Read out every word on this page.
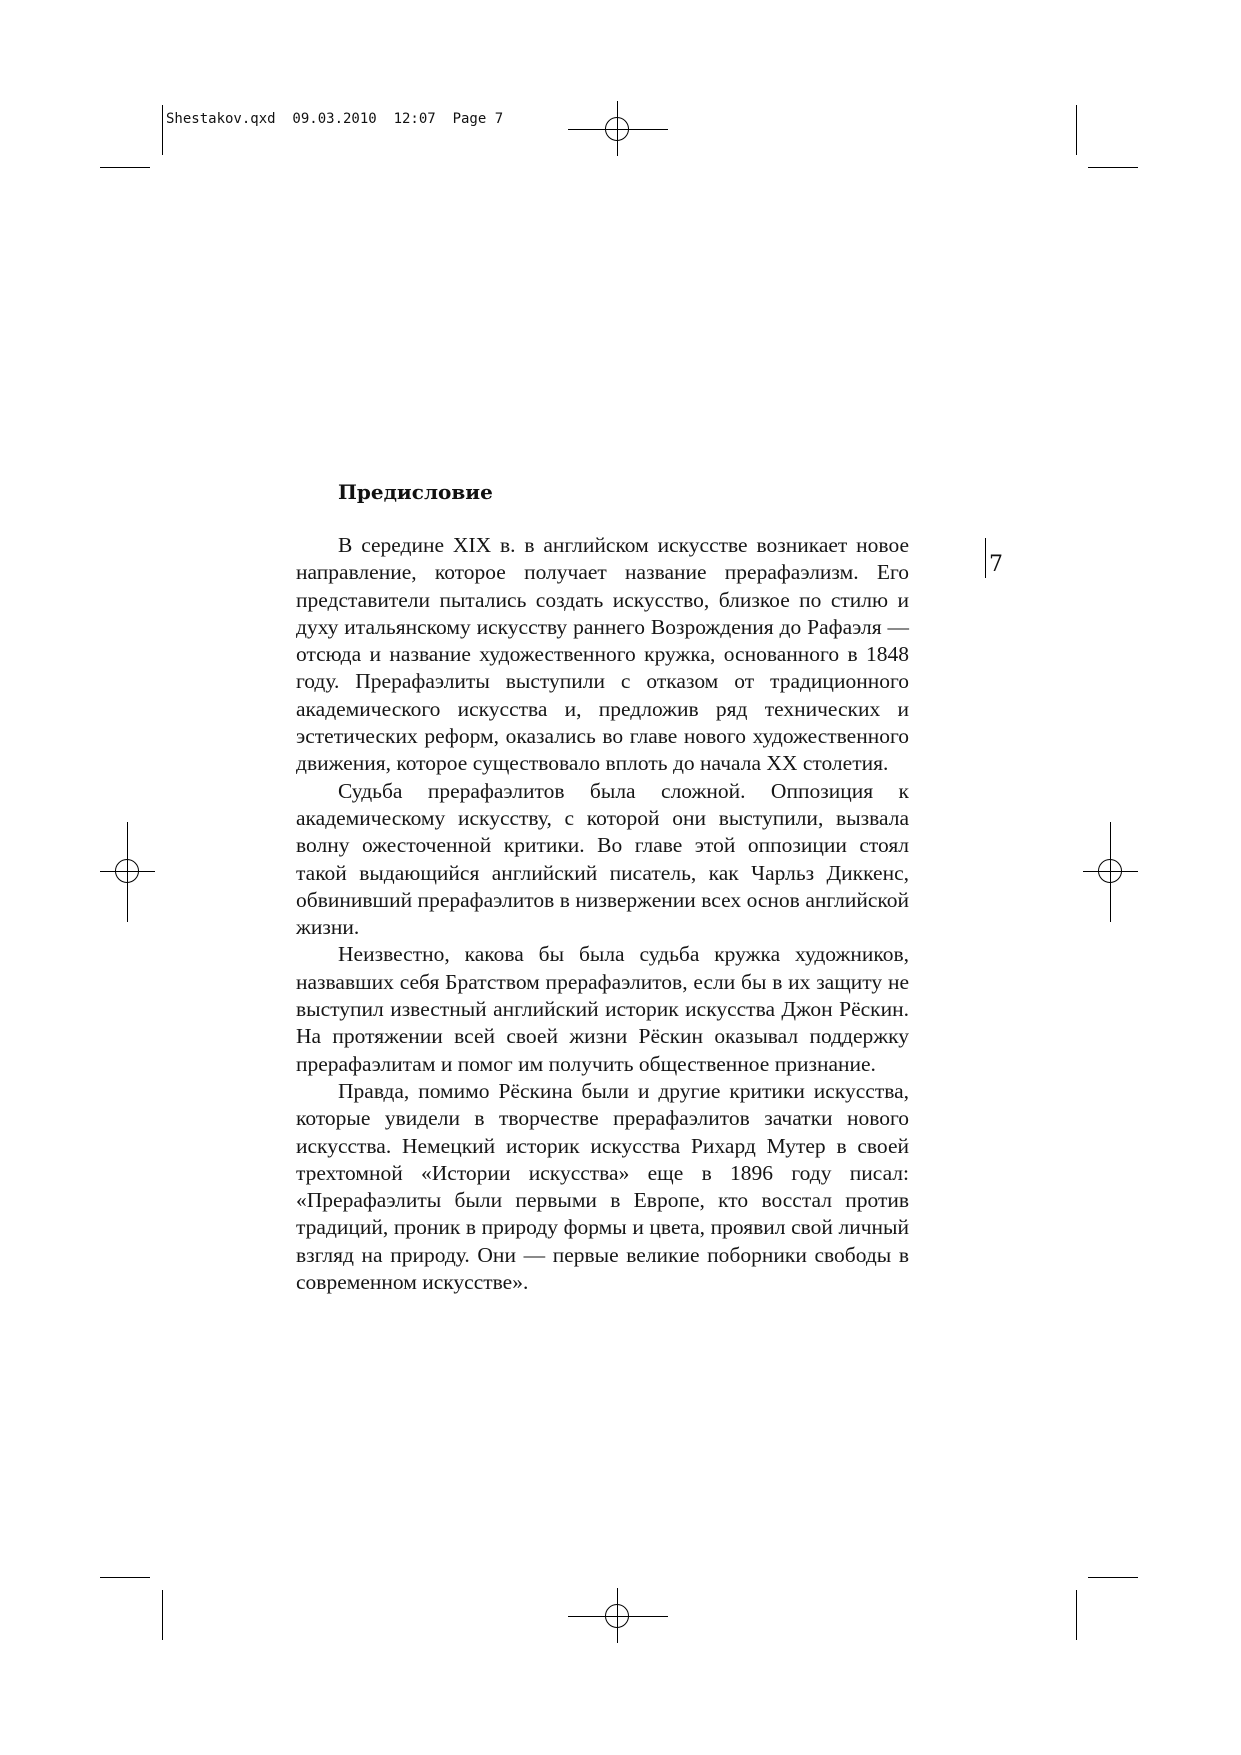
Shestakov.qxd  09.03.2010  12:07  Page 7
7
Предисловие

В середине XIX в. в английском искусстве возникает новое направление, которое получает название прерафаэлизм. Его представители пытались создать искусство, близкое по стилю и духу итальянскому искусству раннего Возрождения до Рафаэля — отсюда и название художественного кружка, основанного в 1848 году. Прерафаэлиты выступили с отказом от традиционного академического искусства и, предложив ряд технических и эстетических реформ, оказались во главе нового художественного движения, которое существовало вплоть до начала XX столетия.

Судьба прерафаэлитов была сложной. Оппозиция к академическому искусству, с которой они выступили, вызвала волну ожесточенной критики. Во главе этой оппозиции стоял такой выдающийся английский писатель, как Чарльз Диккенс, обвинивший прерафаэлитов в низвержении всех основ английской жизни.

Неизвестно, какова бы была судьба кружка художников, назвавших себя Братством прерафаэлитов, если бы в их защиту не выступил известный английский историк искусства Джон Рёскин. На протяжении всей своей жизни Рёскин оказывал поддержку прерафаэлитам и помог им получить общественное признание.

Правда, помимо Рёскина были и другие критики искусства, которые увидели в творчестве прерафаэлитов зачатки нового искусства. Немецкий историк искусства Рихард Мутер в своей трехтомной «Истории искусства» еще в 1896 году писал: «Прерафаэлиты были первыми в Европе, кто восстал против традиций, проник в природу формы и цвета, проявил свой личный взгляд на природу. Они — первые великие поборники свободы в современном искусстве».
